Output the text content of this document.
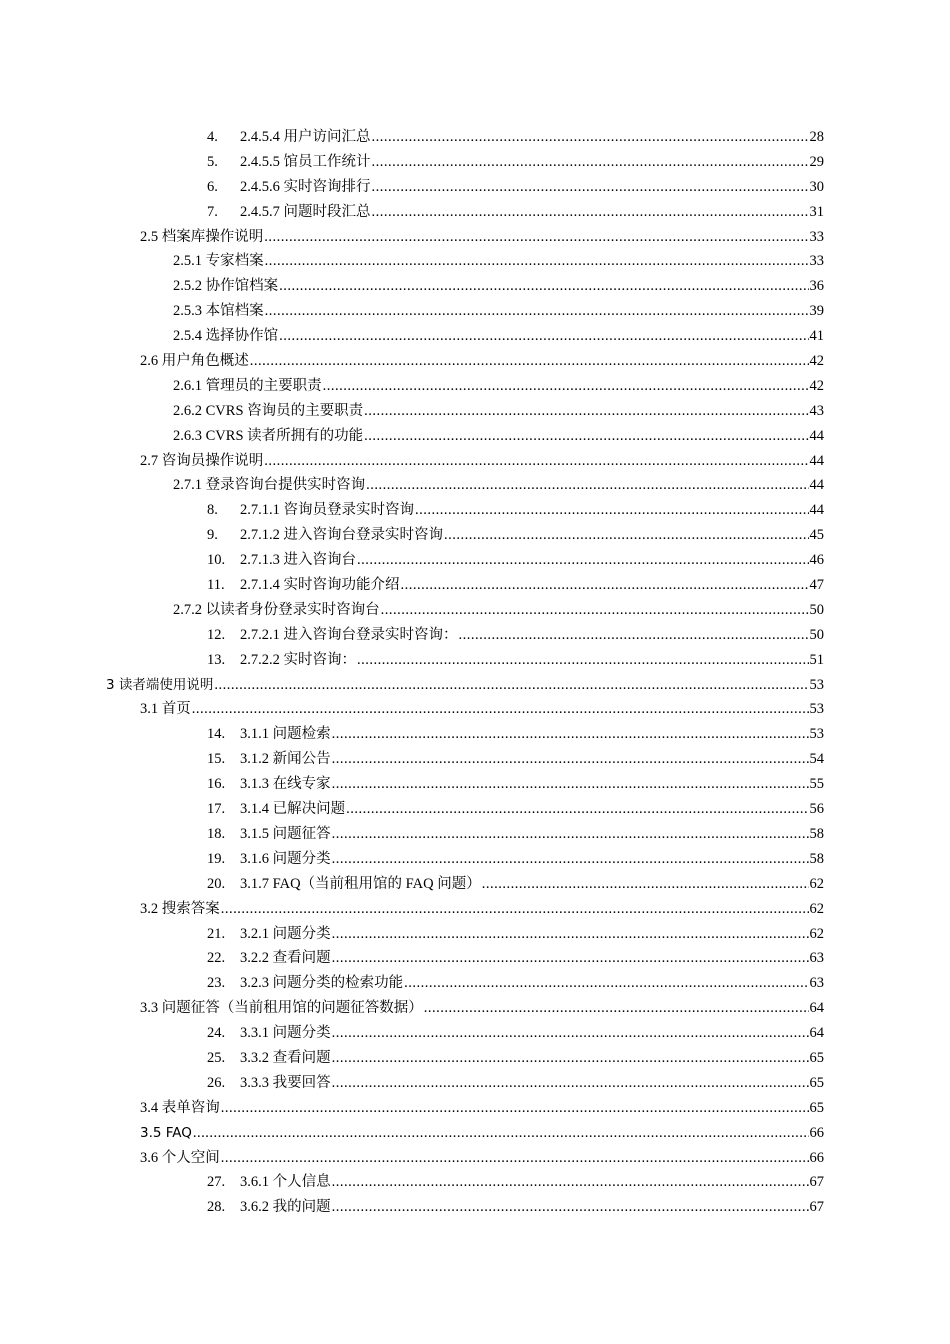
4.	2.4.5.4 用户访问汇总 .....	28
5.	2.4.5.5 馆员工作统计 .....	29
6.	2.4.5.6 实时咨询排行 .....	30
7.	2.4.5.7 问题时段汇总 .....	31
2.5 档案库操作说明 .....	33
2.5.1 专家档案 .....	33
2.5.2 协作馆档案 .....	36
2.5.3 本馆档案 .....	39
2.5.4 选择协作馆 .....	41
2.6 用户角色概述 .....	42
2.6.1 管理员的主要职责 .....	42
2.6.2 CVRS 咨询员的主要职责 .....	43
2.6.3 CVRS 读者所拥有的功能 .....	44
2.7 咨询员操作说明 .....	44
2.7.1 登录咨询台提供实时咨询 .....	44
8.	2.7.1.1 咨询员登录实时咨询 .....	44
9.	2.7.1.2 进入咨询台登录实时咨询 .....	45
10.	2.7.1.3 进入咨询台 .....	46
11.	2.7.1.4 实时咨询功能介绍 .....	47
2.7.2 以读者身份登录实时咨询台 .....	50
12.	2.7.2.1 进入咨询台登录实时咨询： .....	50
13.	2.7.2.2 实时咨询： .....	51
3 读者端使用说明 .....	53
3.1 首页 .....	53
14.	3.1.1 问题检索 .....	53
15.	3.1.2 新闻公告 .....	54
16.	3.1.3 在线专家 .....	55
17.	3.1.4 已解决问题 .....	56
18.	3.1.5 问题征答 .....	58
19.	3.1.6 问题分类 .....	58
20.	3.1.7 FAQ（当前租用馆的 FAQ 问题） .....	62
3.2 搜索答案 .....	62
21.	3.2.1 问题分类 .....	62
22.	3.2.2 查看问题 .....	63
23.	3.2.3 问题分类的检索功能 .....	63
3.3 问题征答（当前租用馆的问题征答数据） .....	64
24.	3.3.1 问题分类 .....	64
25.	3.3.2 查看问题 .....	65
26.	3.3.3 我要回答 .....	65
3.4 表单咨询 .....	65
3.5 FAQ .....	66
3.6 个人空间 .....	66
27.	3.6.1 个人信息 .....	67
28.	3.6.2 我的问题 .....	67
